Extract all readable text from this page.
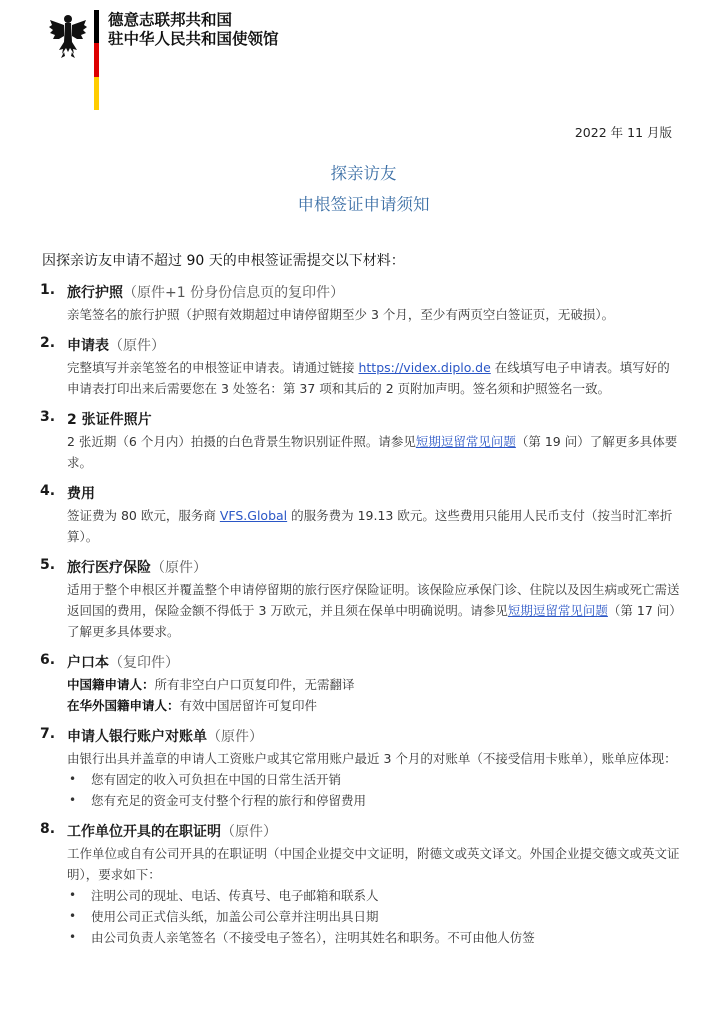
德意志联邦共和国
驻中华人民共和国使领馆
2022 年 11 月版
探亲访友
申根签证申请须知
因探亲访友申请不超过 90 天的申根签证需提交以下材料：
1. 旅行护照（原件+1 份身份信息页的复印件）
亲笔签名的旅行护照（护照有效期超过申请停留期至少 3 个月，至少有两页空白签证页，无破损）。
2. 申请表（原件）
完整填写并亲笔签名的申根签证申请表。请通过链接 https://videx.diplo.de 在线填写电子申请表。填写好的申请表打印出来后需要您在 3 处签名：第 37 项和其后的 2 页附加声明。签名须和护照签名一致。
3. 2 张证件照片
2 张近期（6 个月内）拍摄的白色背景生物识别证件照。请参见短期逗留常见问题（第 19 问）了解更多具体要求。
4. 费用
签证费为 80 欧元，服务商 VFS.Global 的服务费为 19.13 欧元。这些费用只能用人民币支付（按当时汇率折算）。
5. 旅行医疗保险（原件）
适用于整个申根区并覆盖整个申请停留期的旅行医疗保险证明。该保险应承保门诊、住院以及因生病或死亡需送返回国的费用，保险金额不得低于 3 万欧元，并且须在保单中明确说明。请参见短期逗留常见问题（第 17 问）了解更多具体要求。
6. 户口本（复印件）
中国籍申请人：所有非空白户口页复印件，无需翻译
在华外国籍申请人：有效中国居留许可复印件
7. 申请人银行账户对账单（原件）
由银行出具并盖章的申请人工资账户或其它常用账户最近 3 个月的对账单（不接受信用卡账单），账单应体现：
• 您有固定的收入可负担在中国的日常生活开销
• 您有充足的资金可支付整个行程的旅行和停留费用
8. 工作单位开具的在职证明（原件）
工作单位或自有公司开具的在职证明（中国企业提交中文证明，附德文或英文译文。外国企业提交德文或英文证明），要求如下：
• 注明公司的现址、电话、传真号、电子邮箱和联系人
• 使用公司正式信头纸，加盖公司公章并注明出具日期
• 由公司负责人亲笔签名（不接受电子签名），注明其姓名和职务。不可由他人仿签
